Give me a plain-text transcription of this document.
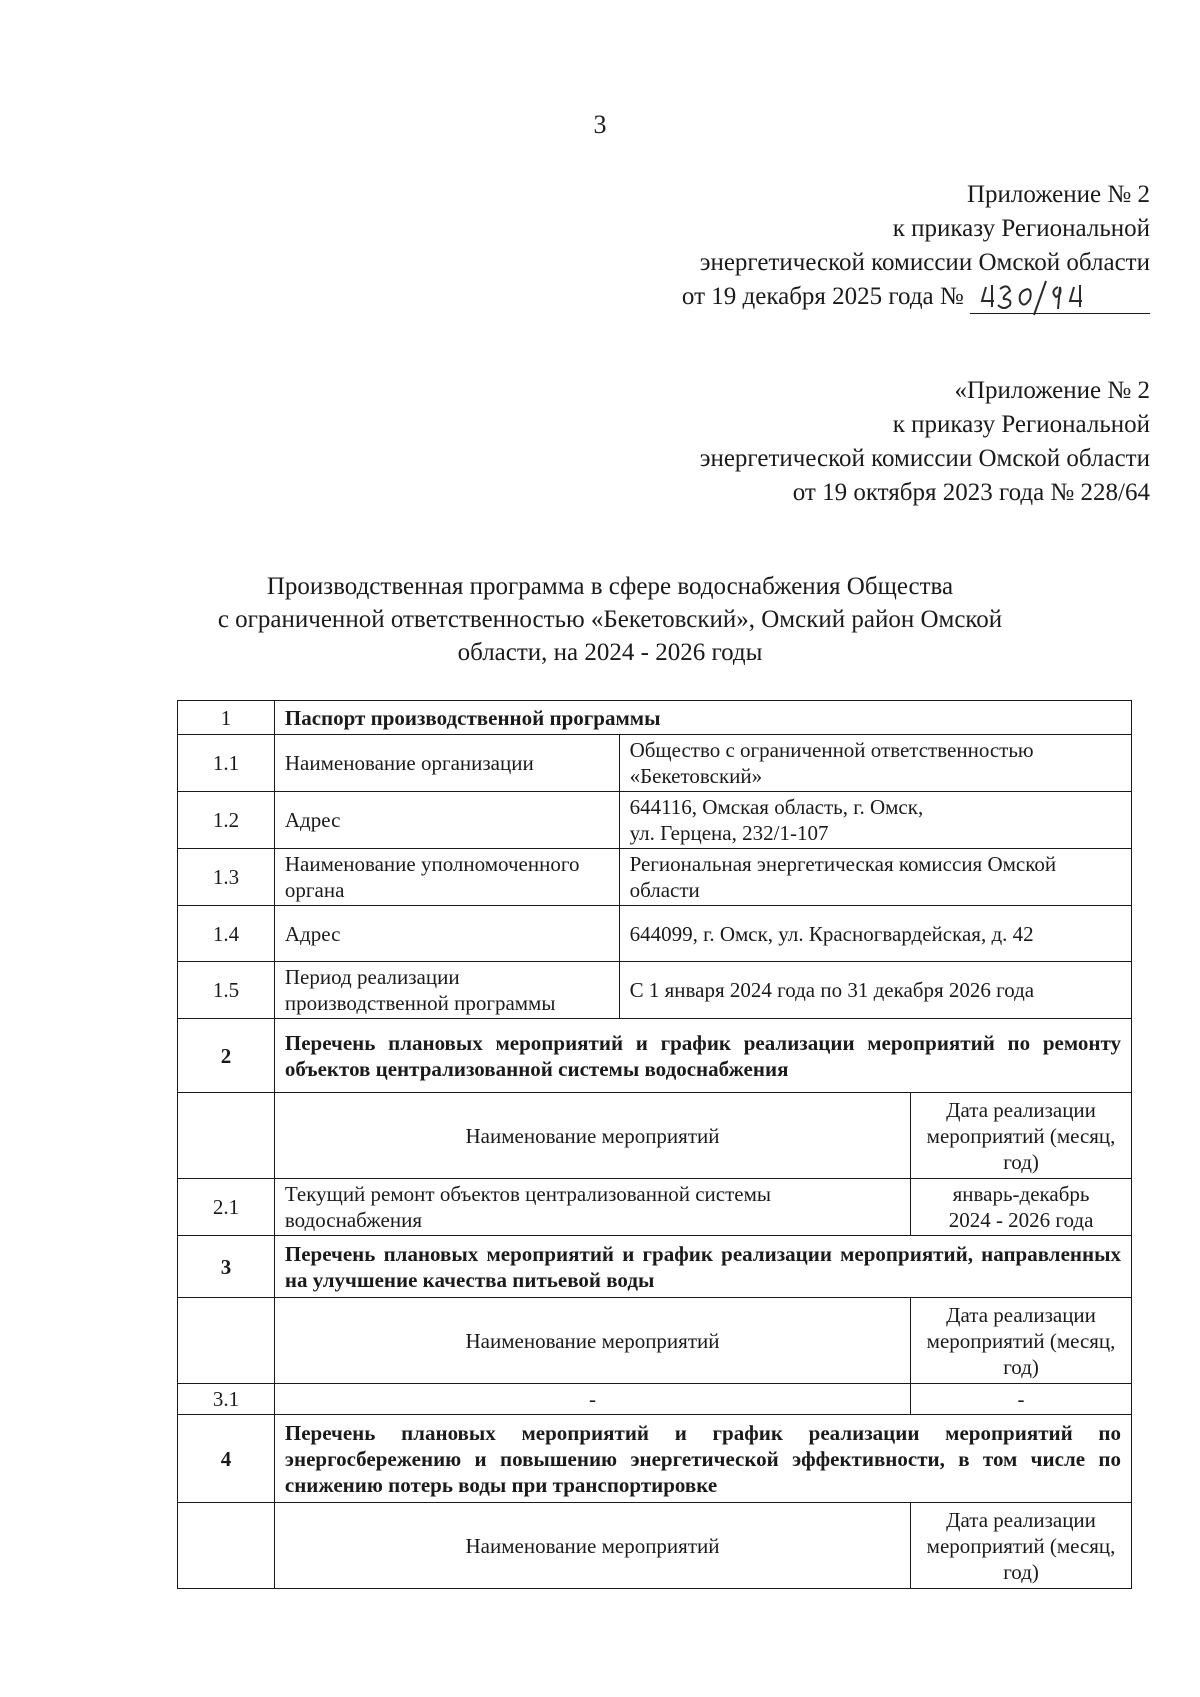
3
Приложение № 2
к приказу Региональной
энергетической комиссии Омской области
от 19 декабря 2025 года №
«Приложение № 2
к приказу Региональной
энергетической комиссии Омской области
от 19 октября 2023 года № 228/64
Производственная программа в сфере водоснабжения Общества
с ограниченной ответственностью «Бекетовский», Омский район Омской
области, на 2024 - 2026 годы
1	Паспорт производственной программы		
1.1	Наименование организации	Общество с ограниченной ответственностью «Бекетовский»	
1.2	Адрес	644116, Омская область, г. Омск,
ул. Герцена, 232/1-107	

1.3	Наименование уполномоченного органа	Региональная энергетическая комиссия Омской области	
1.4	Адрес	644099, г. Омск, ул. Красногвардейская, д. 42	
1.5	Период реализации производственной программы	С 1 января 2024 года по 31 декабря 2026 года	
2	Перечень плановых мероприятий и график реализации мероприятий по ремонту объектов централизованной системы водоснабжения		
	Наименование мероприятий		Дата реализации мероприятий (месяц, год)
2.1	Текущий ремонт объектов централизованной системы водоснабжения		январь-декабрь
2024 - 2026 года

3	Перечень плановых мероприятий и график реализации мероприятий, направленных на улучшение качества питьевой воды		
	Наименование мероприятий		Дата реализации мероприятий (месяц, год)
3.1	-		-
4	Перечень плановых мероприятий и график реализации мероприятий по энергосбережению и повышению энергетической эффективности, в том числе по снижению потерь воды при транспортировке		
	Наименование мероприятий		Дата реализации мероприятий (месяц, год)
